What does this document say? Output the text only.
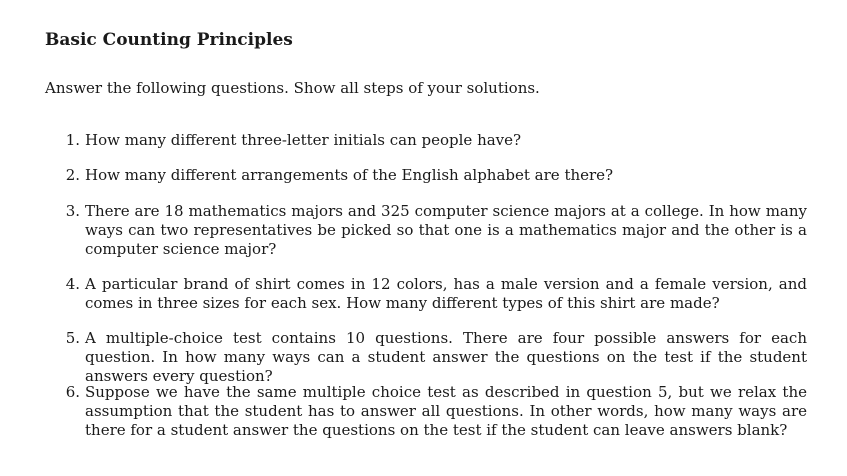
Basic Counting Principles
Answer the following questions. Show all steps of your solutions.
1. How many different three-letter initials can people have?
2. How many different arrangements of the English alphabet are there?
3. There are 18 mathematics majors and 325 computer science majors at a college. In how many ways can two representatives be picked so that one is a mathematics major and the other is a computer science major?
4. A particular brand of shirt comes in 12 colors, has a male version and a female version, and comes in three sizes for each sex. How many different types of this shirt are made?
5. A multiple-choice test contains 10 questions. There are four possible answers for each question. In how many ways can a student answer the questions on the test if the student answers every question?
6. Suppose we have the same multiple choice test as described in question 5, but we relax the assumption that the student has to answer all questions. In other words, how many ways are there for a student answer the questions on the test if the student can leave answers blank?
